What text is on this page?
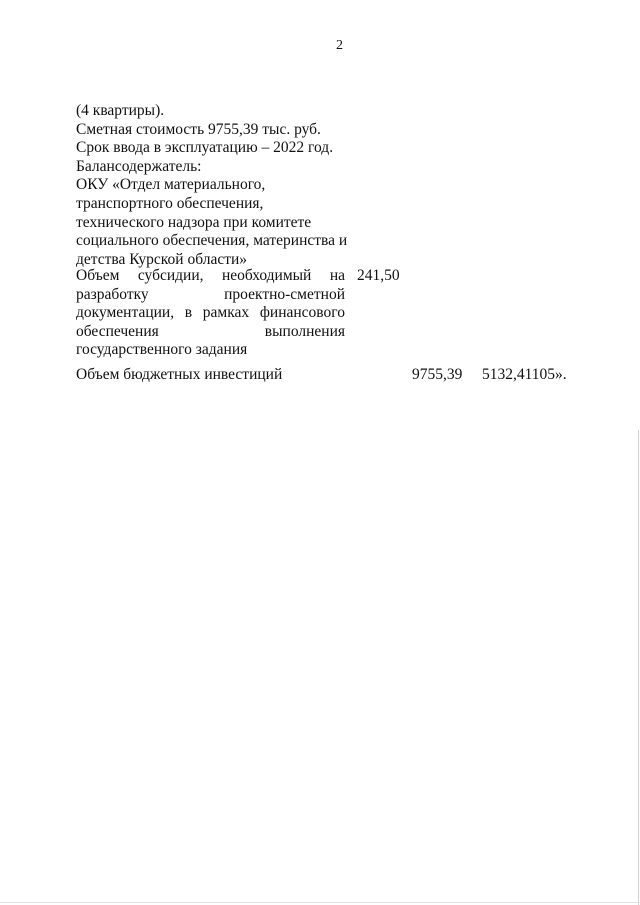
2
(4 квартиры).
Сметная стоимость 9755,39 тыс. руб.
Срок ввода в эксплуатацию – 2022 год.
Балансодержатель:
ОКУ «Отдел материального,
транспортного обеспечения,
технического надзора при комитете
социального обеспечения, материнства и
детства Курской области»
Объем субсидии, необходимый на
разработку проектно-сметной
документации, в рамках финансового
обеспечения выполнения
государственного задания
241,50
Объем бюджетных инвестиций	9755,39 5132,41105».
